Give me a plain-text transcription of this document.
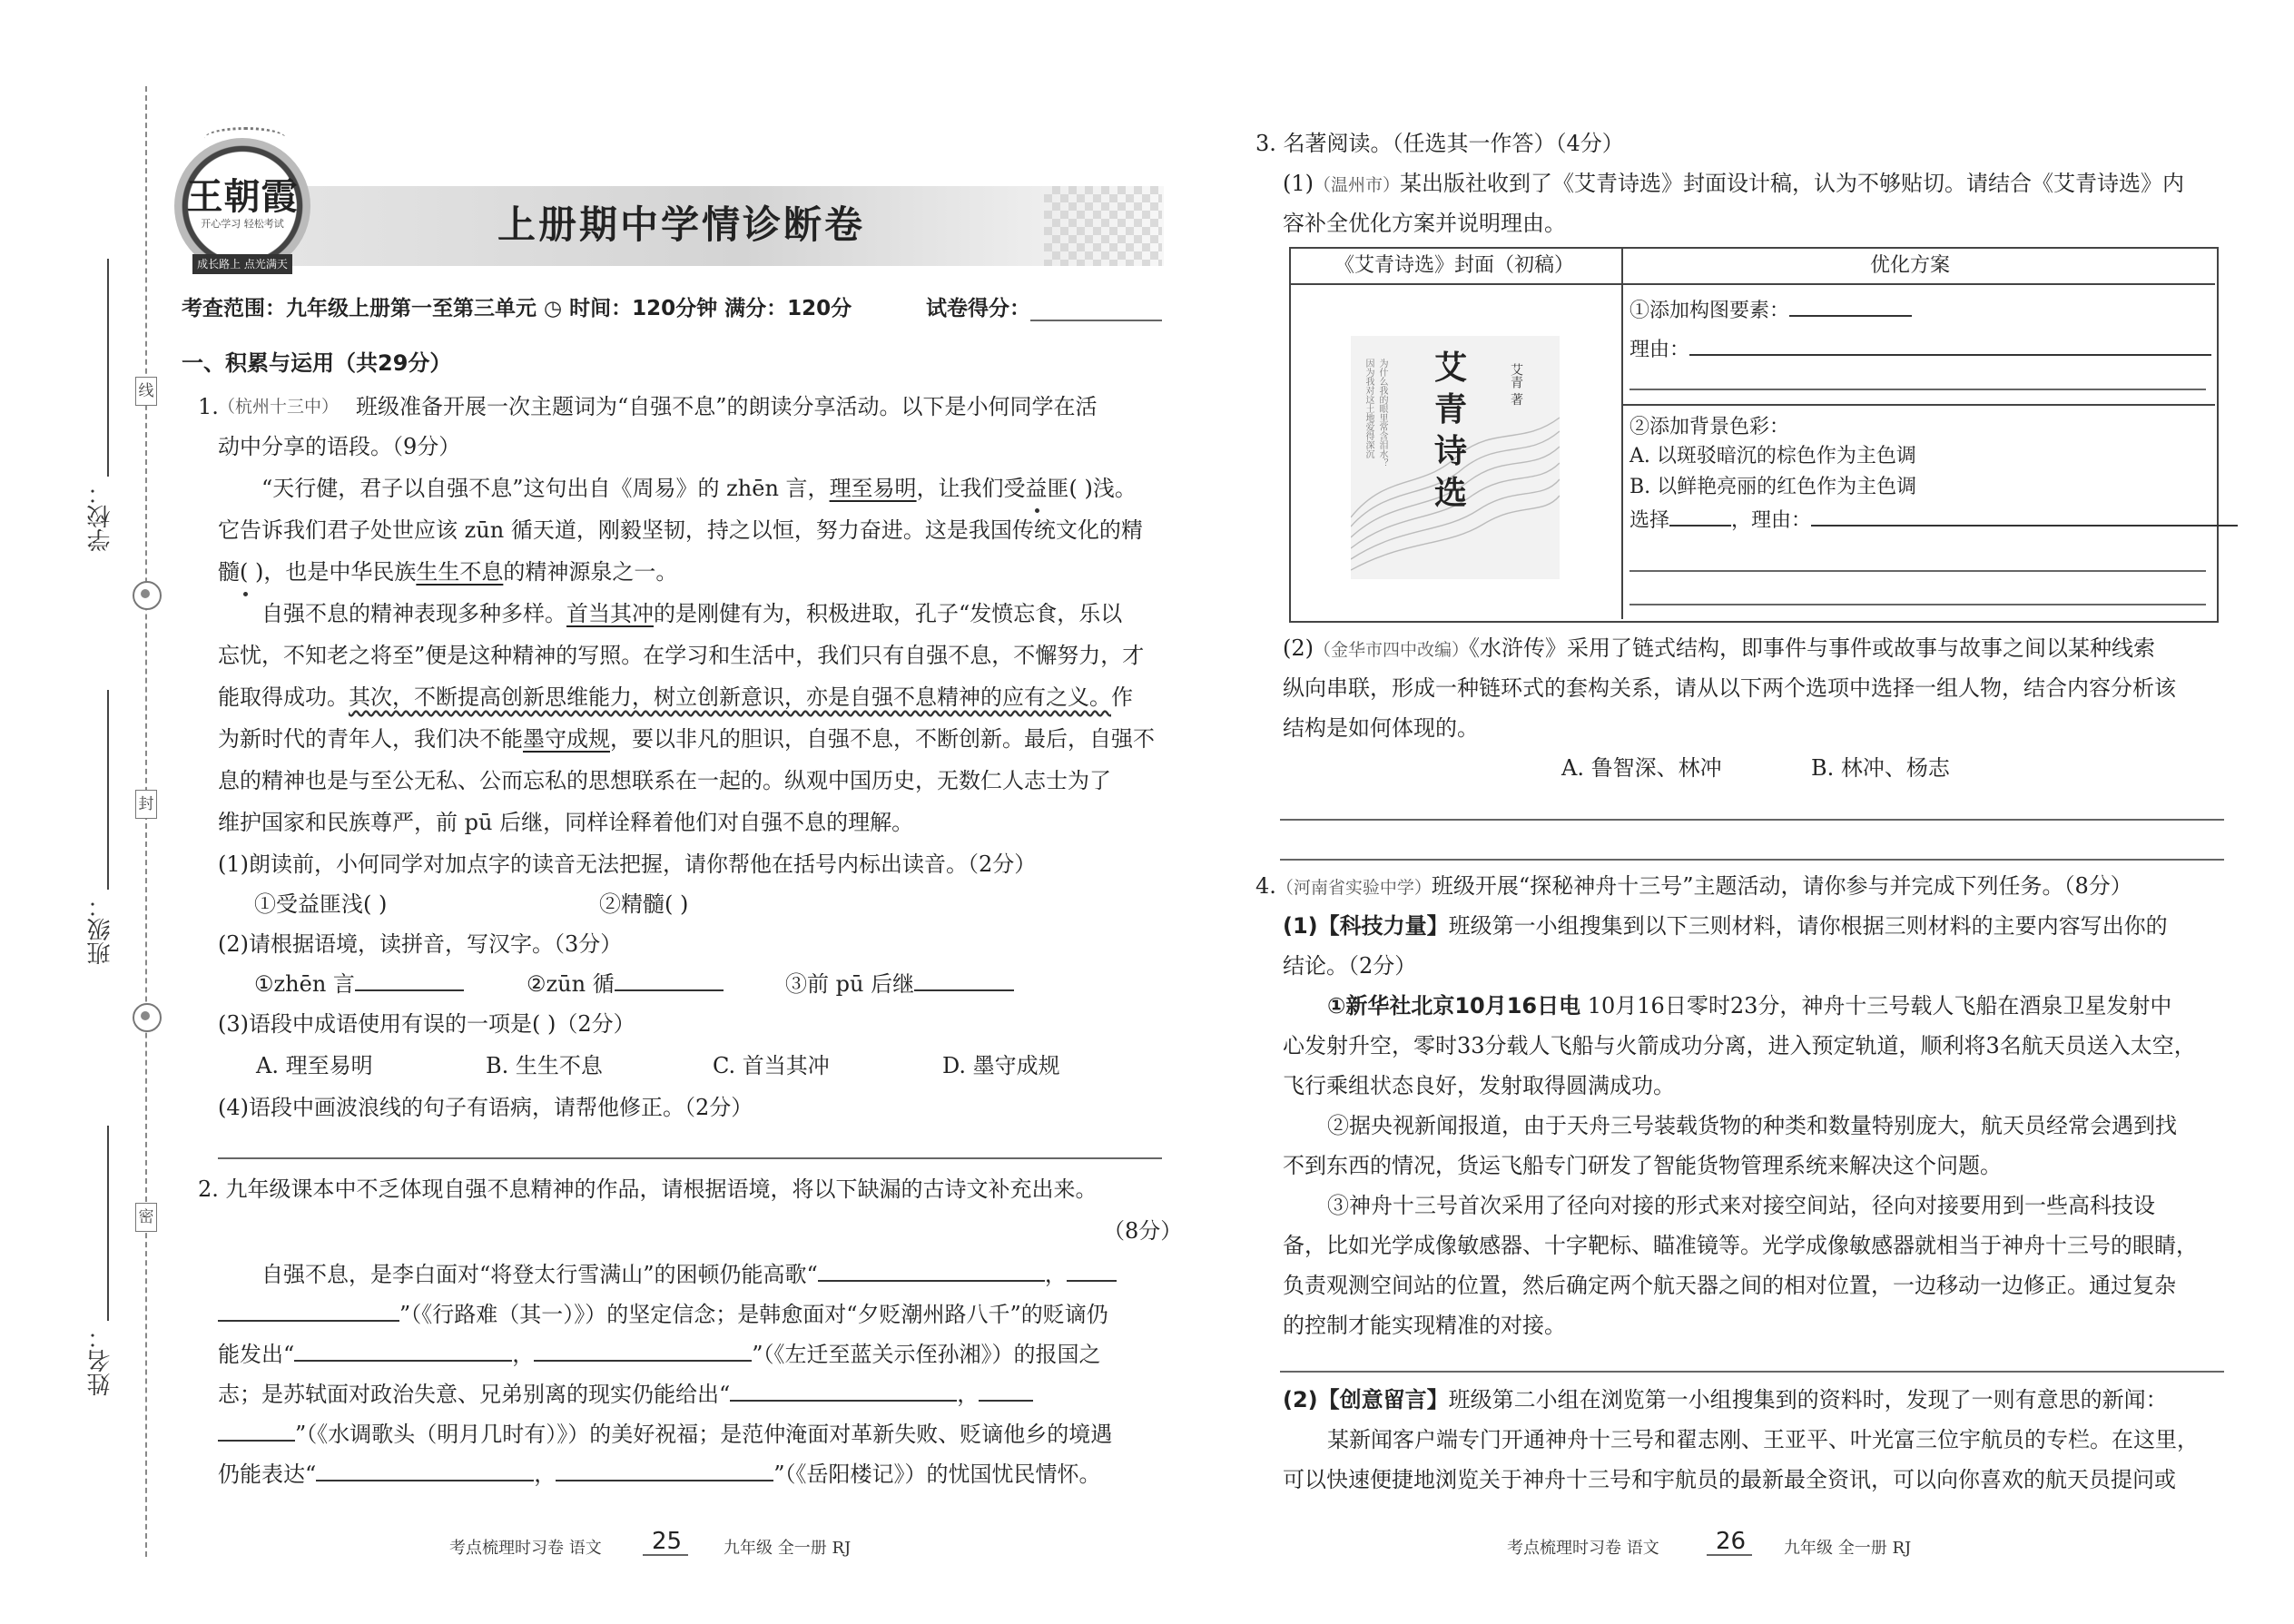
线
封
密
学校：
班级：
姓名：
王朝霞
开心学习 轻松考试
成长路上 点光满天
上册期中学情诊断卷
考查范围：九年级上册第一至第三单元 ◷ 时间：120分钟 满分：120分	试卷得分：
一、积累与运用（共29分）
1. （杭州十三中） 班级准备开展一次主题词为“自强不息”的朗读分享活动。以下是小何同学在活
动中分享的语段。（9分）
“天行健，君子以自强不息”这句出自《周易》的 zhēn 言，理至易明，让我们受益匪( )浅。
它告诉我们君子处世应该 zūn 循天道，刚毅坚韧，持之以恒，努力奋进。这是我国传统文化的精
髓( )，也是中华民族生生不息的精神源泉之一。
自强不息的精神表现多种多样。首当其冲的是刚健有为，积极进取，孔子“发愤忘食，乐以
忘忧，不知老之将至”便是这种精神的写照。在学习和生活中，我们只有自强不息，不懈努力，才
能取得成功。其次，不断提高创新思维能力，树立创新意识，亦是自强不息精神的应有之义。作
为新时代的青年人，我们决不能墨守成规，要以非凡的胆识，自强不息，不断创新。最后，自强不
息的精神也是与至公无私、公而忘私的思想联系在一起的。纵观中国历史，无数仁人志士为了
维护国家和民族尊严，前 pū 后继，同样诠释着他们对自强不息的理解。
(1)朗读前，小何同学对加点字的读音无法把握，请你帮他在括号内标出读音。（2分）
①受益匪浅( )	②精髓( )
(2)请根据语境，读拼音，写汉字。（3分）
①zhēn 言	②zūn 循	③前 pū 后继
(3)语段中成语使用有误的一项是( )（2分）
A. 理至易明	B. 生生不息	C. 首当其冲	D. 墨守成规
(4)语段中画波浪线的句子有语病，请帮他修正。（2分）
2. 九年级课本中不乏体现自强不息精神的作品，请根据语境，将以下缺漏的古诗文补充出来。
（8分）
自强不息，是李白面对“将登太行雪满山”的困顿仍能高歌“	，
”（《行路难（其一）》）的坚定信念；是韩愈面对“夕贬潮州路八千”的贬谪仍
能发出“	，	”（《左迁至蓝关示侄孙湘》）的报国之
志；是苏轼面对政治失意、兄弟别离的现实仍能给出“	，
”（《水调歌头（明月几时有）》）的美好祝福；是范仲淹面对革新失败、贬谪他乡的境遇
仍能表达“	，	”（《岳阳楼记》）的忧国忧民情怀。
考点梳理时习卷 语文 25	九年级 全一册 RJ
3. 名著阅读。（任选其一作答）（4分）
(1)（温州市）某出版社收到了《艾青诗选》封面设计稿，认为不够贴切。请结合《艾青诗选》内
容补全优化方案并说明理由。
《艾青诗选》封面（初稿）	优化方案
为什么我的眼里常含泪水？因为我对这土地爱得深沉	艾青诗选
艾青 著
①添加构图要素：
理由：
②添加背景色彩：
A. 以斑驳暗沉的棕色作为主色调
B. 以鲜艳亮丽的红色作为主色调
选择	，理由：
(2)（金华市四中改编）《水浒传》采用了链式结构，即事件与事件或故事与故事之间以某种线索
纵向串联，形成一种链环式的套构关系，请从以下两个选项中选择一组人物，结合内容分析该
结构是如何体现的。
A. 鲁智深、林冲	B. 林冲、杨志
4.（河南省实验中学）班级开展“探秘神舟十三号”主题活动，请你参与并完成下列任务。（8分）
(1)【科技力量】班级第一小组搜集到以下三则材料，请你根据三则材料的主要内容写出你的
结论。（2分）
①新华社北京10月16日电 10月16日零时23分，神舟十三号载人飞船在酒泉卫星发射中
心发射升空，零时33分载人飞船与火箭成功分离，进入预定轨道，顺利将3名航天员送入太空，
飞行乘组状态良好，发射取得圆满成功。
②据央视新闻报道，由于天舟三号装载货物的种类和数量特别庞大，航天员经常会遇到找
不到东西的情况，货运飞船专门研发了智能货物管理系统来解决这个问题。
③神舟十三号首次采用了径向对接的形式来对接空间站，径向对接要用到一些高科技设
备，比如光学成像敏感器、十字靶标、瞄准镜等。光学成像敏感器就相当于神舟十三号的眼睛，
负责观测空间站的位置，然后确定两个航天器之间的相对位置，一边移动一边修正。通过复杂
的控制才能实现精准的对接。
(2)【创意留言】班级第二小组在浏览第一小组搜集到的资料时，发现了一则有意思的新闻：
某新闻客户端专门开通神舟十三号和翟志刚、王亚平、叶光富三位宇航员的专栏。在这里，
可以快速便捷地浏览关于神舟十三号和宇航员的最新最全资讯，可以向你喜欢的航天员提问或
考点梳理时习卷 语文 26 九年级 全一册 RJ
